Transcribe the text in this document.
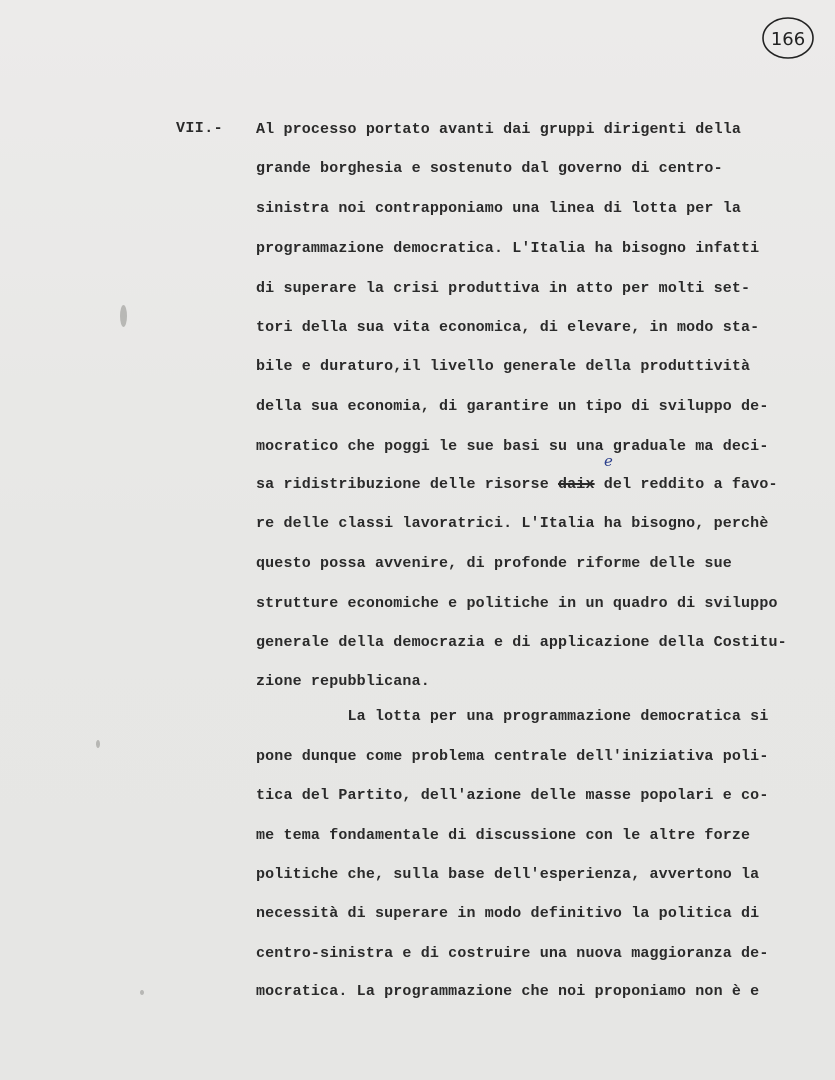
166
VII.- Al processo portato avanti dai gruppi dirigenti della
grande borghesia e sostenuto dal governo di centro-
sinistra noi contrapponiamo una linea di lotta per la
programmazione democratica. L'Italia ha bisogno infatti
di superare la crisi produttiva in atto per molti set-
tori della sua vita economica, di elevare, in modo sta-
bile e duraturo,il livello generale della produttività
della sua economia, di garantire un tipo di sviluppo de-
mocratico che poggi le sue basi su una graduale ma deci-
e
sa ridistribuzione delle risorse daix del reddito a favo-
re delle classi lavoratrici. L'Italia ha bisogno, perchè
questo possa avvenire, di profonde riforme delle sue
strutture economiche e politiche in un quadro di sviluppo
generale della democrazia e di applicazione della Costitu-
zione repubblicana.
La lotta per una programmazione democratica si
pone dunque come problema centrale dell'iniziativa poli-
tica del Partito, dell'azione delle masse popolari e co-
me tema fondamentale di discussione con le altre forze
politiche che, sulla base dell'esperienza, avvertono la
necessità di superare in modo definitivo la politica di
centro-sinistra e di costruire una nuova maggioranza de-
mocratica. La programmazione che noi proponiamo non è e
